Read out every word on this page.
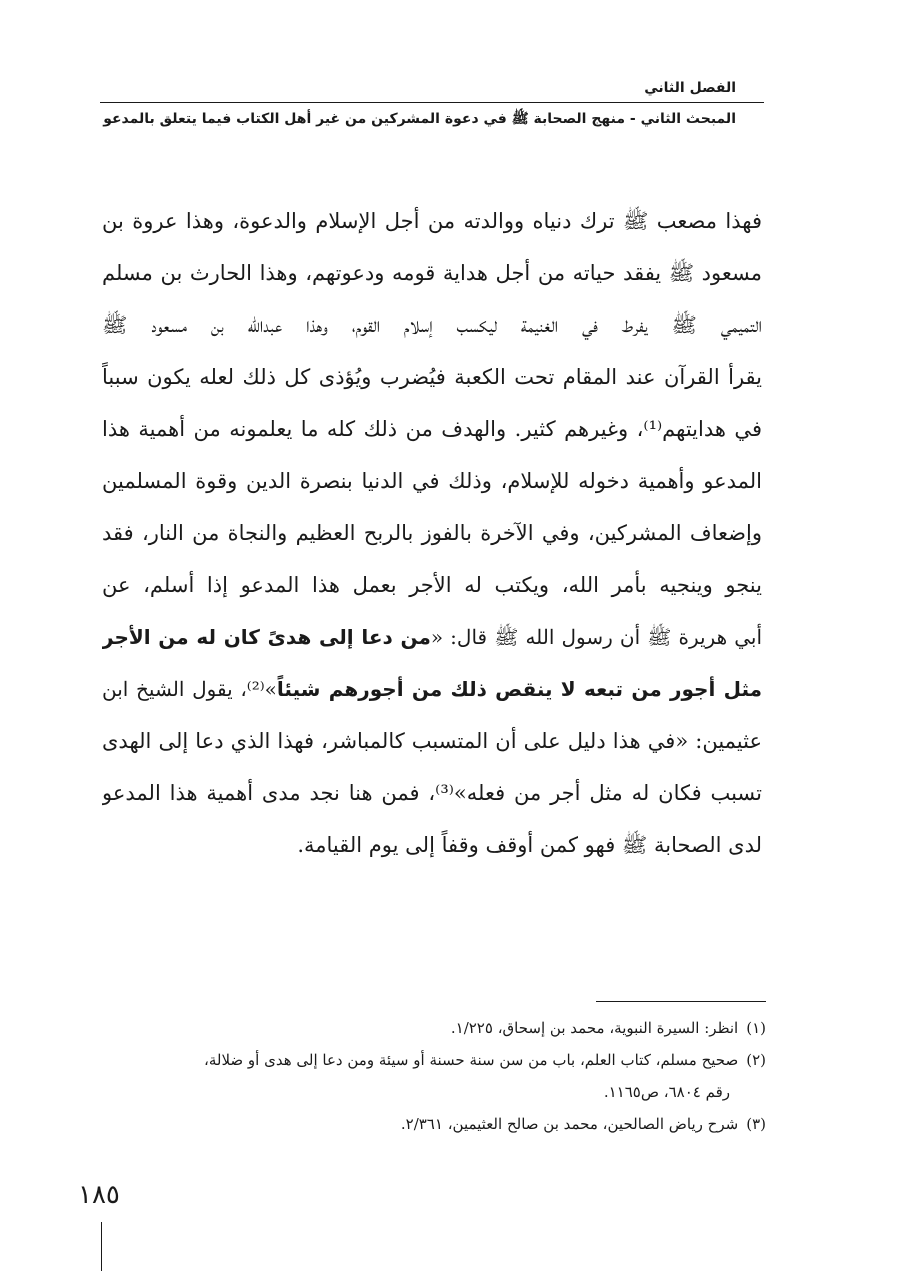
الفصل الثاني
المبحث الثاني - منهج الصحابة ﷺ في دعوة المشركين من غير أهل الكتاب فيما يتعلق بالمدعو
فهذا مصعب ﷺ ترك دنياه ووالدته من أجل الإسلام والدعوة، وهذا عروة بن
مسعود ﷺ يفقد حياته من أجل هداية قومه ودعوتهم، وهذا الحارث بن مسلم
التميمي ﷺ يفرط في الغنيمة ليكسب إسلام القوم، وهذا عبدالله بن مسعود ﷺ
يقرأ القرآن عند المقام تحت الكعبة فيُضرب ويُؤذى كل ذلك لعله يكون سبباً
في هدايتهم⁽¹⁾، وغيرهم كثير. والهدف من ذلك كله ما يعلمونه من أهمية هذا
المدعو وأهمية دخوله للإسلام، وذلك في الدنيا بنصرة الدين وقوة المسلمين
وإضعاف المشركين، وفي الآخرة بالفوز بالربح العظيم والنجاة من النار، فقد
ينجو وينجيه بأمر الله، ويكتب له الأجر بعمل هذا المدعو إذا أسلم، عن
أبي هريرة ﷺ أن رسول الله ﷺ قال: «من دعا إلى هدىً كان له من الأجر
مثل أجور من تبعه لا ينقص ذلك من أجورهم شيئاً»⁽²⁾، يقول الشيخ ابن
عثيمين: «في هذا دليل على أن المتسبب كالمباشر، فهذا الذي دعا إلى الهدى
تسبب فكان له مثل أجر من فعله»⁽³⁾، فمن هنا نجد مدى أهمية هذا المدعو
لدى الصحابة ﷺ فهو كمن أوقف وقفاً إلى يوم القيامة.
(١)انظر: السيرة النبوية، محمد بن إسحاق، ١/٢٢٥.
(٢)صحيح مسلم، كتاب العلم، باب من سن سنة حسنة أو سيئة ومن دعا إلى هدى أو ضلالة،
رقم ٦٨٠٤، ص١١٦٥.
(٣)شرح رياض الصالحين، محمد بن صالح العثيمين، ٢/٣٦١.
١٨٥
